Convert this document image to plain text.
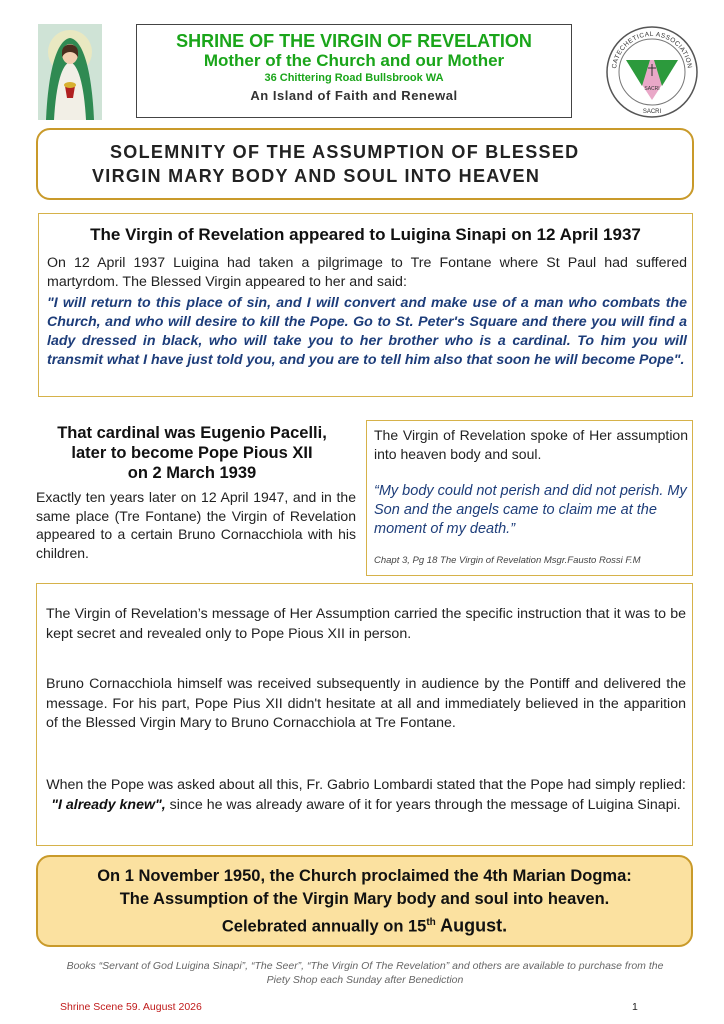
SHRINE OF THE VIRGIN OF REVELATION
Mother of the Church and our Mother
36 Chittering Road Bullsbrook WA
An Island of Faith and Renewal	SACRI
CATECHETICAL ASSOCIATION
SACRI
SOLEMNITY OF THE ASSUMPTION OF BLESSED
VIRGIN MARY BODY AND SOUL INTO HEAVEN
The Virgin of Revelation appeared to Luigina Sinapi on 12 April 1937
On 12 April 1937 Luigina had taken a pilgrimage to Tre Fontane where St Paul had suffered martyrdom. The Blessed Virgin appeared to her and said:
"I will return to this place of sin, and I will convert and make use of a man who combats the Church, and who will desire to kill the Pope. Go to St. Peter's Square and there you will find a lady dressed in black, who will take you to her brother who is a cardinal. To him you will transmit what I have just told you, and you are to tell him also that soon he will become Pope".
That cardinal was Eugenio Pacelli,
later to become Pope Pious XII
on 2 March 1939
Exactly ten years later on 12 April 1947, and in the same place (Tre Fontane) the Virgin of Revelation appeared to a certain Bruno Cornacchiola with his children.
The Virgin of Revelation spoke of Her assumption into heaven body and soul.
“My body could not perish and did not perish. My Son and the angels came to claim me at the moment of my death.”
Chapt 3, Pg 18 The Virgin of Revelation Msgr.Fausto Rossi F.M
The Virgin of Revelation’s message of Her Assumption carried the specific instruction that it was to be kept secret and revealed only to Pope Pious XII in person.
Bruno Cornacchiola himself was received subsequently in audience by the Pontiff and delivered the message. For his part, Pope Pius XII didn't hesitate at all and immediately believed in the apparition of the Blessed Virgin Mary to Bruno Cornacchiola at Tre Fontane.
When the Pope was asked about all this, Fr. Gabrio Lombardi stated that the Pope had simply replied: "I already knew", since he was already aware of it for years through the message of Luigina Sinapi.
On 1 November 1950, the Church proclaimed the 4th Marian Dogma:
The Assumption of the Virgin Mary body and soul into heaven.
Celebrated annually on 15th August.
Books “Servant of God Luigina Sinapi”, “The Seer”, “The Virgin Of The Revelation” and others are available to purchase from the Piety Shop each Sunday after Benediction
Shrine Scene 59. August 2026	1
